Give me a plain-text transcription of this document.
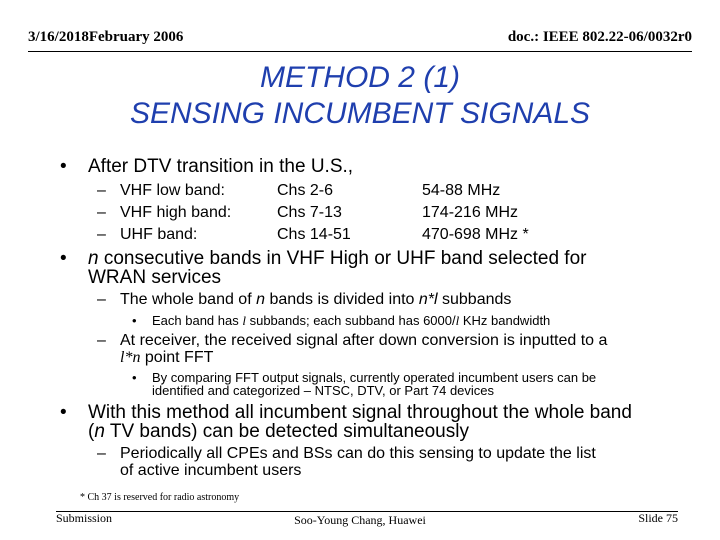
3/16/2018February 2006	doc.: IEEE 802.22-06/0032r0
METHOD 2 (1)
SENSING INCUMBENT SIGNALS
• After DTV transition in the U.S.,
– VHF low band:	Chs 2-6	54-88 MHz
– VHF high band:	Chs 7-13	174-216 MHz
– UHF band:	Chs 14-51	470-698 MHz *
• n consecutive bands in VHF High or UHF band selected for
WRAN services
– The whole band of n bands is divided into n*l subbands
• Each band has l subbands; each subband has 6000/l KHz bandwidth
– At receiver, the received signal after down conversion is inputted to a
l*n point FFT
• By comparing FFT output signals, currently operated incumbent users can be
identified and categorized – NTSC, DTV, or Part 74 devices
• With this method all incumbent signal throughout the whole band
(n TV bands) can be detected simultaneously
– Periodically all CPEs and BSs can do this sensing to update the list
of active incumbent users
* Ch 37 is reserved for radio astronomy
Submission	Soo-Young Chang, Huawei	Slide 75
